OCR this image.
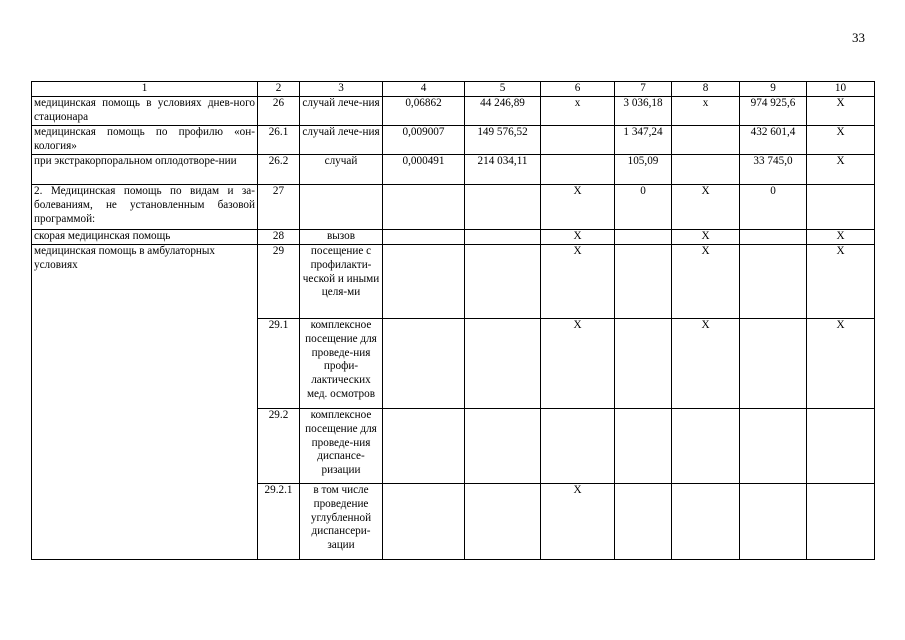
33
1	2	3	4	5	6	7	8	9	10
медицинская помощь в условиях днев-ного стационара	26	случай лече-ния	0,06862	44 246,89	х	3 036,18	х	974 925,6	Х
медицинская помощь по профилю «он-кология»	26.1	случай лече-ния	0,009007	149 576,52		1 347,24		432 601,4	Х
при экстракорпоральном оплодотворе-нии	26.2	случай	0,000491	214 034,11		105,09		33 745,0	Х
2. Медицинская помощь по видам и за-болеваниям, не установленным базовой программой:	27				Х	0	Х	0	
скорая медицинская помощь	28	вызов			Х		Х		Х
медицинская помощь в амбулаторных условиях	29	посещение с профилакти-ческой и иными целя-ми			Х		Х		Х
	29.1	комплексное посещение для проведе-ния профи-лактических мед. осмотров			Х		Х		Х
	29.2	комплексное посещение для проведе-ния диспансе-ризации							
	29.2.1	в том числе проведение углубленной диспансери-зации			Х				
